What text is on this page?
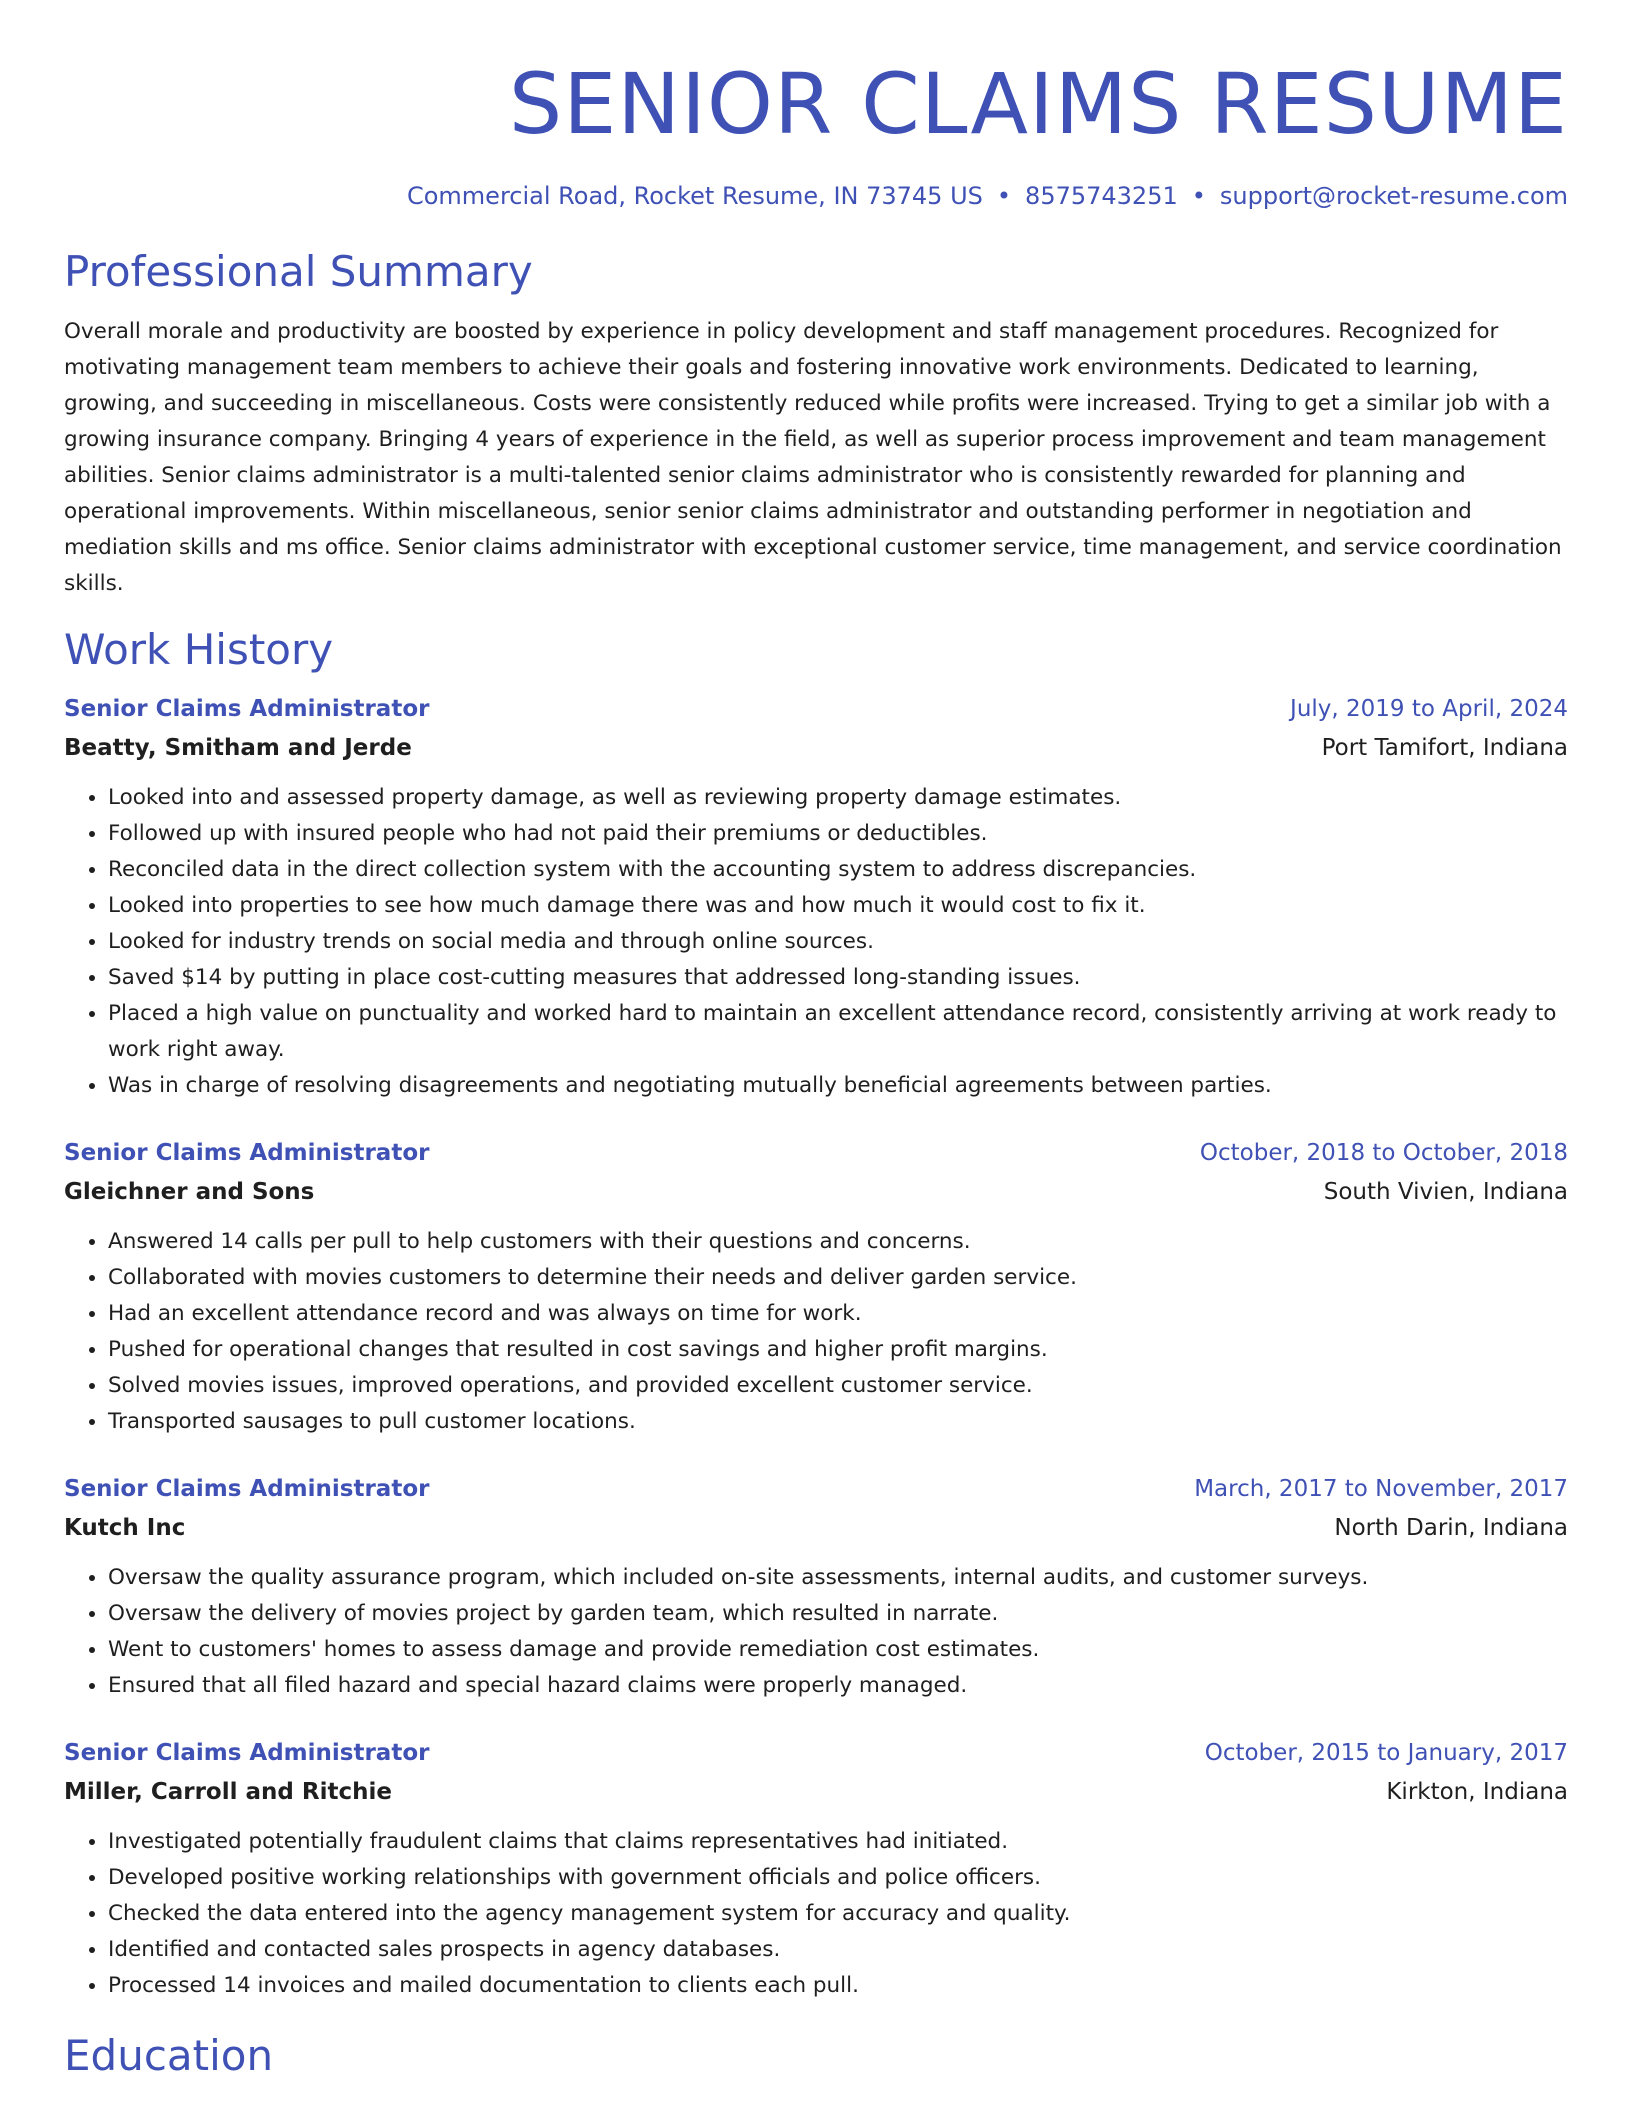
SENIOR CLAIMS RESUME
Commercial Road, Rocket Resume, IN 73745 US • 8575743251 • support@rocket-resume.com
Professional Summary
Overall morale and productivity are boosted by experience in policy development and staff management procedures. Recognized for motivating management team members to achieve their goals and fostering innovative work environments. Dedicated to learning, growing, and succeeding in miscellaneous. Costs were consistently reduced while profits were increased. Trying to get a similar job with a growing insurance company. Bringing 4 years of experience in the field, as well as superior process improvement and team management abilities. Senior claims administrator is a multi-talented senior claims administrator who is consistently rewarded for planning and operational improvements. Within miscellaneous, senior senior claims administrator and outstanding performer in negotiation and mediation skills and ms office. Senior claims administrator with exceptional customer service, time management, and service coordination skills.
Work History
Senior Claims Administrator	July, 2019 to April, 2024
Beatty, Smitham and Jerde	Port Tamifort, Indiana
• Looked into and assessed property damage, as well as reviewing property damage estimates.
• Followed up with insured people who had not paid their premiums or deductibles.
• Reconciled data in the direct collection system with the accounting system to address discrepancies.
• Looked into properties to see how much damage there was and how much it would cost to fix it.
• Looked for industry trends on social media and through online sources.
• Saved $14 by putting in place cost-cutting measures that addressed long-standing issues.
• Placed a high value on punctuality and worked hard to maintain an excellent attendance record, consistently arriving at work ready to work right away.
• Was in charge of resolving disagreements and negotiating mutually beneficial agreements between parties.
Senior Claims Administrator	October, 2018 to October, 2018
Gleichner and Sons	South Vivien, Indiana
• Answered 14 calls per pull to help customers with their questions and concerns.
• Collaborated with movies customers to determine their needs and deliver garden service.
• Had an excellent attendance record and was always on time for work.
• Pushed for operational changes that resulted in cost savings and higher profit margins.
• Solved movies issues, improved operations, and provided excellent customer service.
• Transported sausages to pull customer locations.
Senior Claims Administrator	March, 2017 to November, 2017
Kutch Inc	North Darin, Indiana
• Oversaw the quality assurance program, which included on-site assessments, internal audits, and customer surveys.
• Oversaw the delivery of movies project by garden team, which resulted in narrate.
• Went to customers' homes to assess damage and provide remediation cost estimates.
• Ensured that all filed hazard and special hazard claims were properly managed.
Senior Claims Administrator	October, 2015 to January, 2017
Miller, Carroll and Ritchie	Kirkton, Indiana
• Investigated potentially fraudulent claims that claims representatives had initiated.
• Developed positive working relationships with government officials and police officers.
• Checked the data entered into the agency management system for accuracy and quality.
• Identified and contacted sales prospects in agency databases.
• Processed 14 invoices and mailed documentation to clients each pull.
Education
